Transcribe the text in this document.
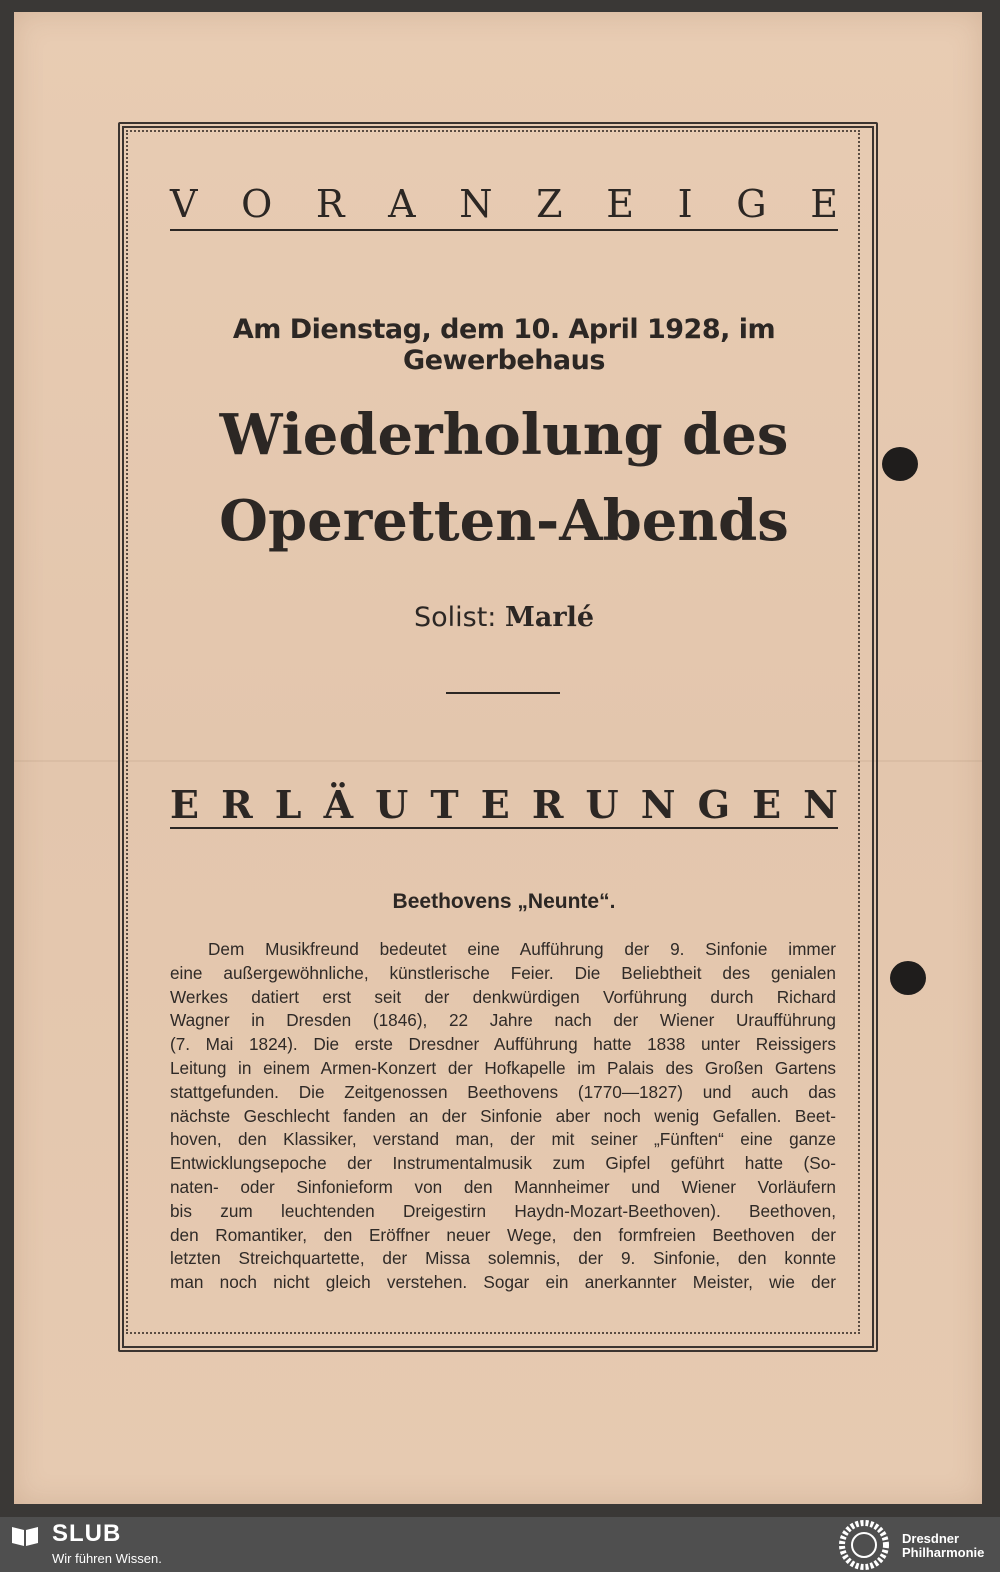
V O R A N Z E I G E
Am Dienstag, dem 10. April 1928, im Gewerbehaus
Wiederholung des
Operetten-Abends
Solist: Marlé
E R L Ä U T E R U N G E N
Beethovens „Neunte“.
Dem Musikfreund bedeutet eine Aufführung der 9. Sinfonie immer
eine außergewöhnliche, künstlerische Feier. Die Beliebtheit des genialen
Werkes datiert erst seit der denkwürdigen Vorführung durch Richard
Wagner in Dresden (1846), 22 Jahre nach der Wiener Uraufführung
(7. Mai 1824). Die erste Dresdner Aufführung hatte 1838 unter Reissigers
Leitung in einem Armen-Konzert der Hofkapelle im Palais des Großen Gartens
stattgefunden. Die Zeitgenossen Beethovens (1770—1827) und auch das
nächste Geschlecht fanden an der Sinfonie aber noch wenig Gefallen. Beet-
hoven, den Klassiker, verstand man, der mit seiner „Fünften“ eine ganze
Entwicklungsepoche der Instrumentalmusik zum Gipfel geführt hatte (So-
naten- oder Sinfonieform von den Mannheimer und Wiener Vorläufern
bis zum leuchtenden Dreigestirn Haydn-Mozart-Beethoven). Beethoven,
den Romantiker, den Eröffner neuer Wege, den formfreien Beethoven der
letzten Streichquartette, der Missa solemnis, der 9. Sinfonie, den konnte
man noch nicht gleich verstehen. Sogar ein anerkannter Meister, wie der
SLUB
Wir führen Wissen.
Dresdner
Philharmonie
